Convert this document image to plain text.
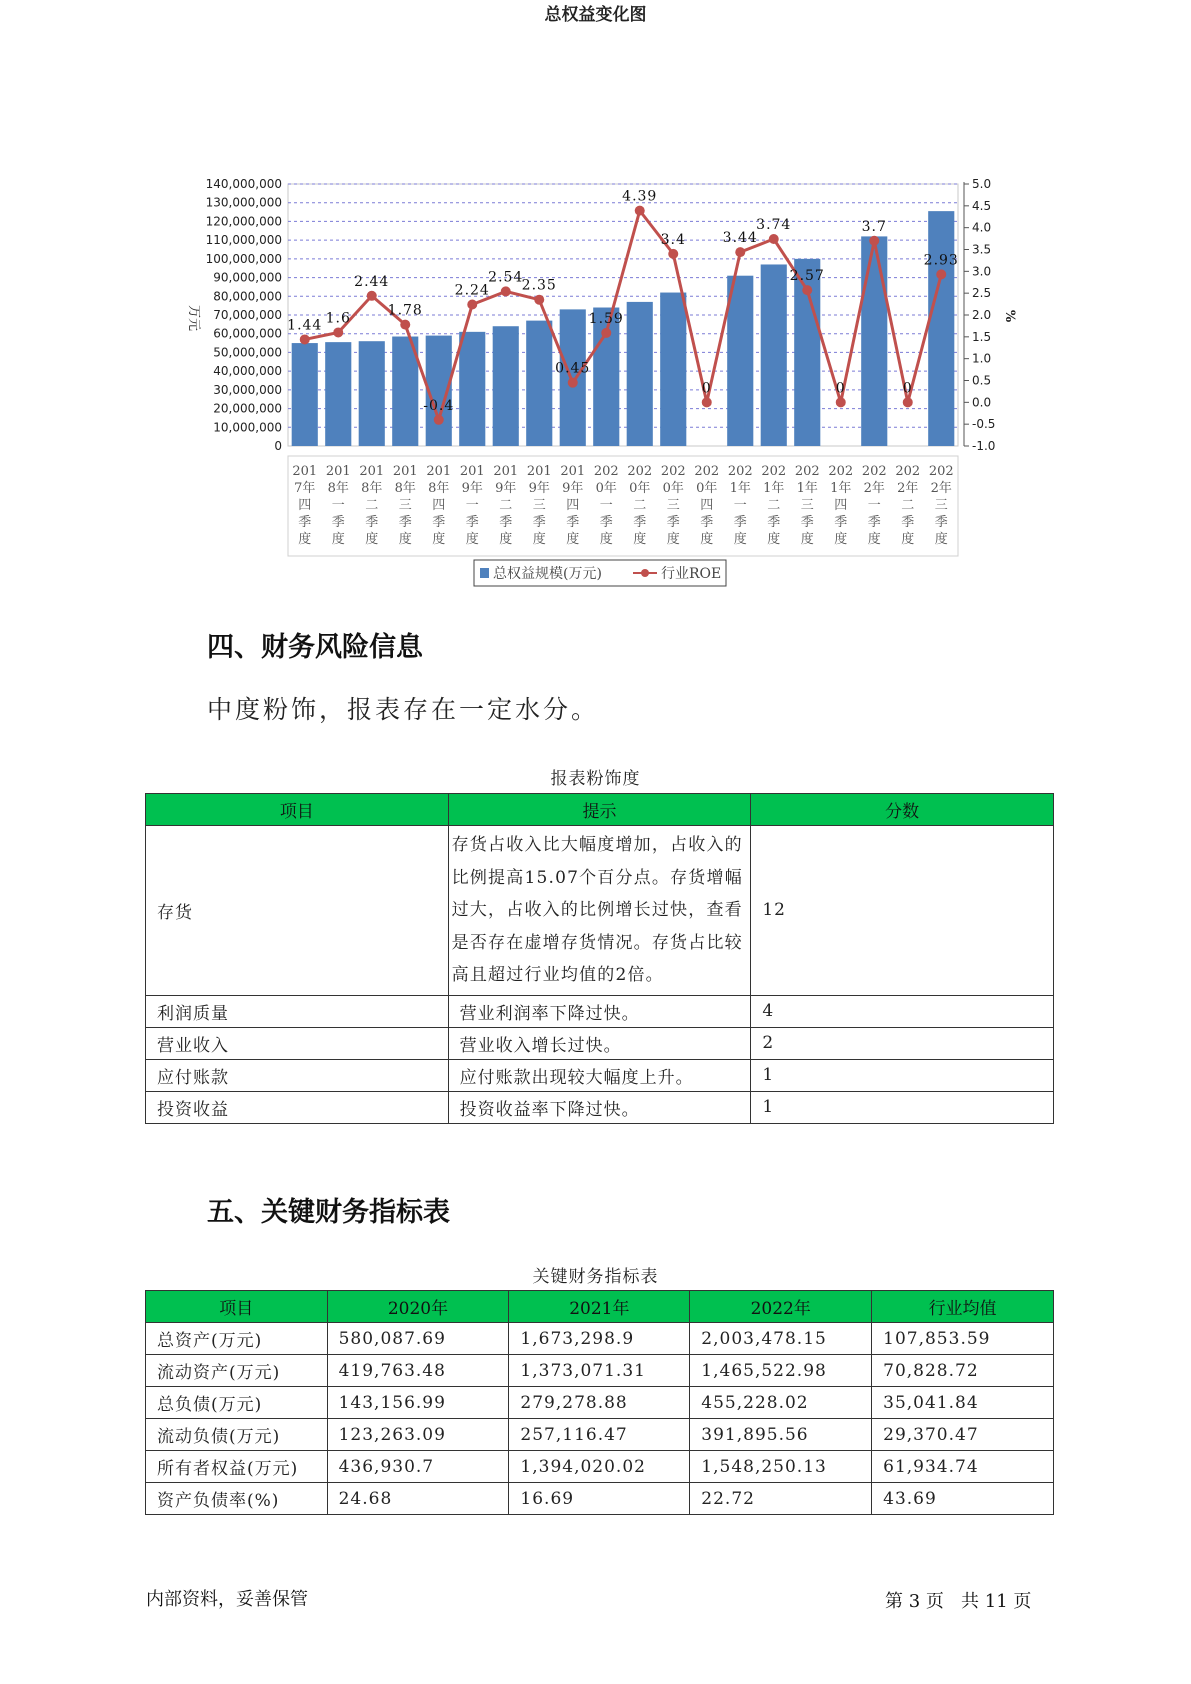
总权益变化图
0
10,000,000
20,000,000
30,000,000
40,000,000
50,000,000
60,000,000
70,000,000
80,000,000
90,000,000
100,000,000
110,000,000
120,000,000
130,000,000
140,000,000
-1.0
-0.5
0.0
0.5
1.0
1.5
2.0
2.5
3.0
3.5
4.0
4.5
5.0
万元	%
201
7年
四
季
度
201
8年
一
季
度
201
8年
二
季
度
201
8年
三
季
度
201
8年
四
季
度
201
9年
一
季
度
201
9年
二
季
度
201
9年
三
季
度
201
9年
四
季
度
202
0年
一
季
度
202
0年
二
季
度
202
0年
三
季
度
202
0年
四
季
度
202
1年
一
季
度
202
1年
二
季
度
202
1年
三
季
度
202
1年
四
季
度
202
2年
一
季
度
202
2年
二
季
度
202
2年
三
季
度
1.44 1.6
2.44
1.78
-0.4
2.24
2.54
2.35
0.45
1.59
4.39
3.4
0
3.44
3.74
2.57
0
3.7
0
2.93
总权益规模(万元)	行业ROE
四、财务风险信息
中度粉饰，报表存在一定水分。
报表粉饰度
项目	提示	分数
存货	存货占收入比大幅度增加，占收入的比例提高15.07个百分点。存货增幅过大，占收入的比例增长过快，查看是否存在虚增存货情况。存货占比较高且超过行业均值的2倍。	12
利润质量	营业利润率下降过快。	4
营业收入	营业收入增长过快。	2
应付账款	应付账款出现较大幅度上升。	1
投资收益	投资收益率下降过快。	1
五、关键财务指标表
关键财务指标表
项目	2020年	2021年	2022年	行业均值
总资产(万元)	580,087.69	1,673,298.9	2,003,478.15	107,853.59
流动资产(万元)	419,763.48	1,373,071.31	1,465,522.98	70,828.72
总负债(万元)	143,156.99	279,278.88	455,228.02	35,041.84
流动负债(万元)	123,263.09	257,116.47	391,895.56	29,370.47
所有者权益(万元)	436,930.7	1,394,020.02	1,548,250.13	61,934.74
资产负债率(%)	24.68	16.69	22.72	43.69
内部资料，妥善保管	第 3 页   共 11 页
